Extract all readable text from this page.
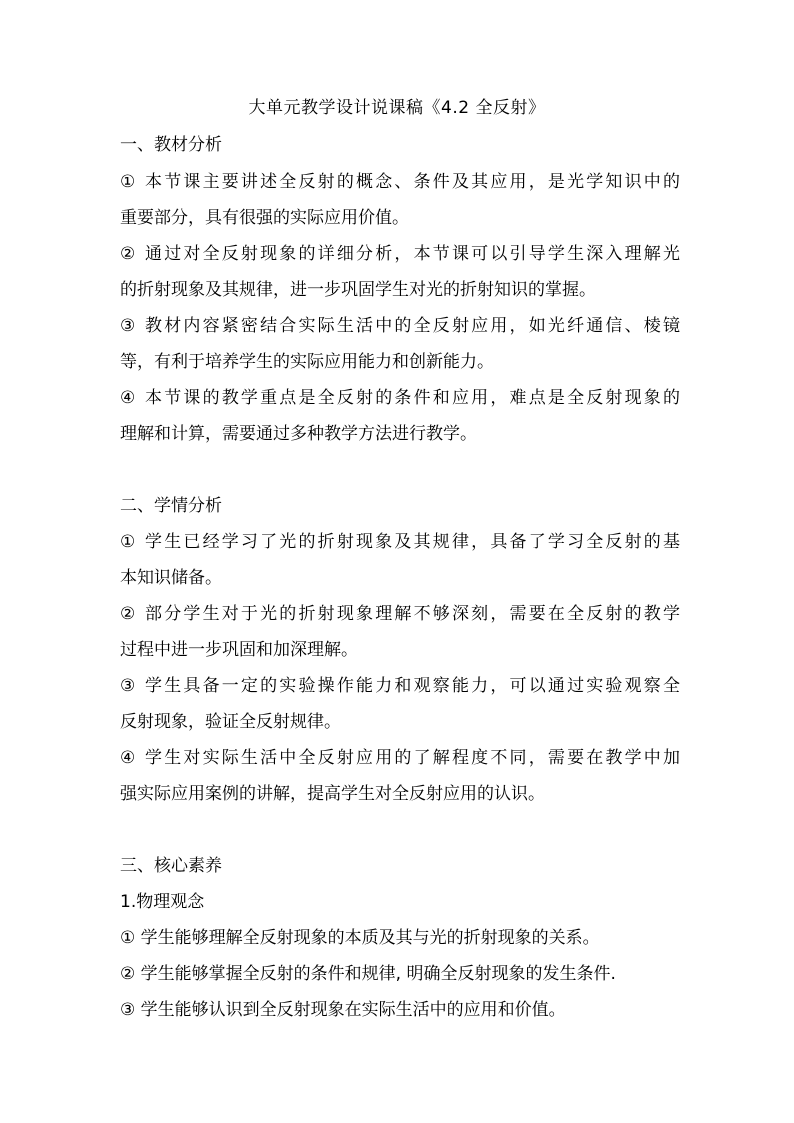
大单元教学设计说课稿《4.2 全反射》
一、教材分析
① 本节课主要讲述全反射的概念、条件及其应用，是光学知识中的
重要部分，具有很强的实际应用价值。
② 通过对全反射现象的详细分析，本节课可以引导学生深入理解光
的折射现象及其规律，进一步巩固学生对光的折射知识的掌握。
③ 教材内容紧密结合实际生活中的全反射应用，如光纤通信、棱镜
等，有利于培养学生的实际应用能力和创新能力。
④ 本节课的教学重点是全反射的条件和应用，难点是全反射现象的
理解和计算，需要通过多种教学方法进行教学。
二、学情分析
① 学生已经学习了光的折射现象及其规律，具备了学习全反射的基
本知识储备。
② 部分学生对于光的折射现象理解不够深刻，需要在全反射的教学
过程中进一步巩固和加深理解。
③ 学生具备一定的实验操作能力和观察能力，可以通过实验观察全
反射现象，验证全反射规律。
④ 学生对实际生活中全反射应用的了解程度不同，需要在教学中加
强实际应用案例的讲解，提高学生对全反射应用的认识。
三、核心素养
1.物理观念
① 学生能够理解全反射现象的本质及其与光的折射现象的关系。
② 学生能够掌握全反射的条件和规律, 明确全反射现象的发生条件.
③ 学生能够认识到全反射现象在实际生活中的应用和价值。
